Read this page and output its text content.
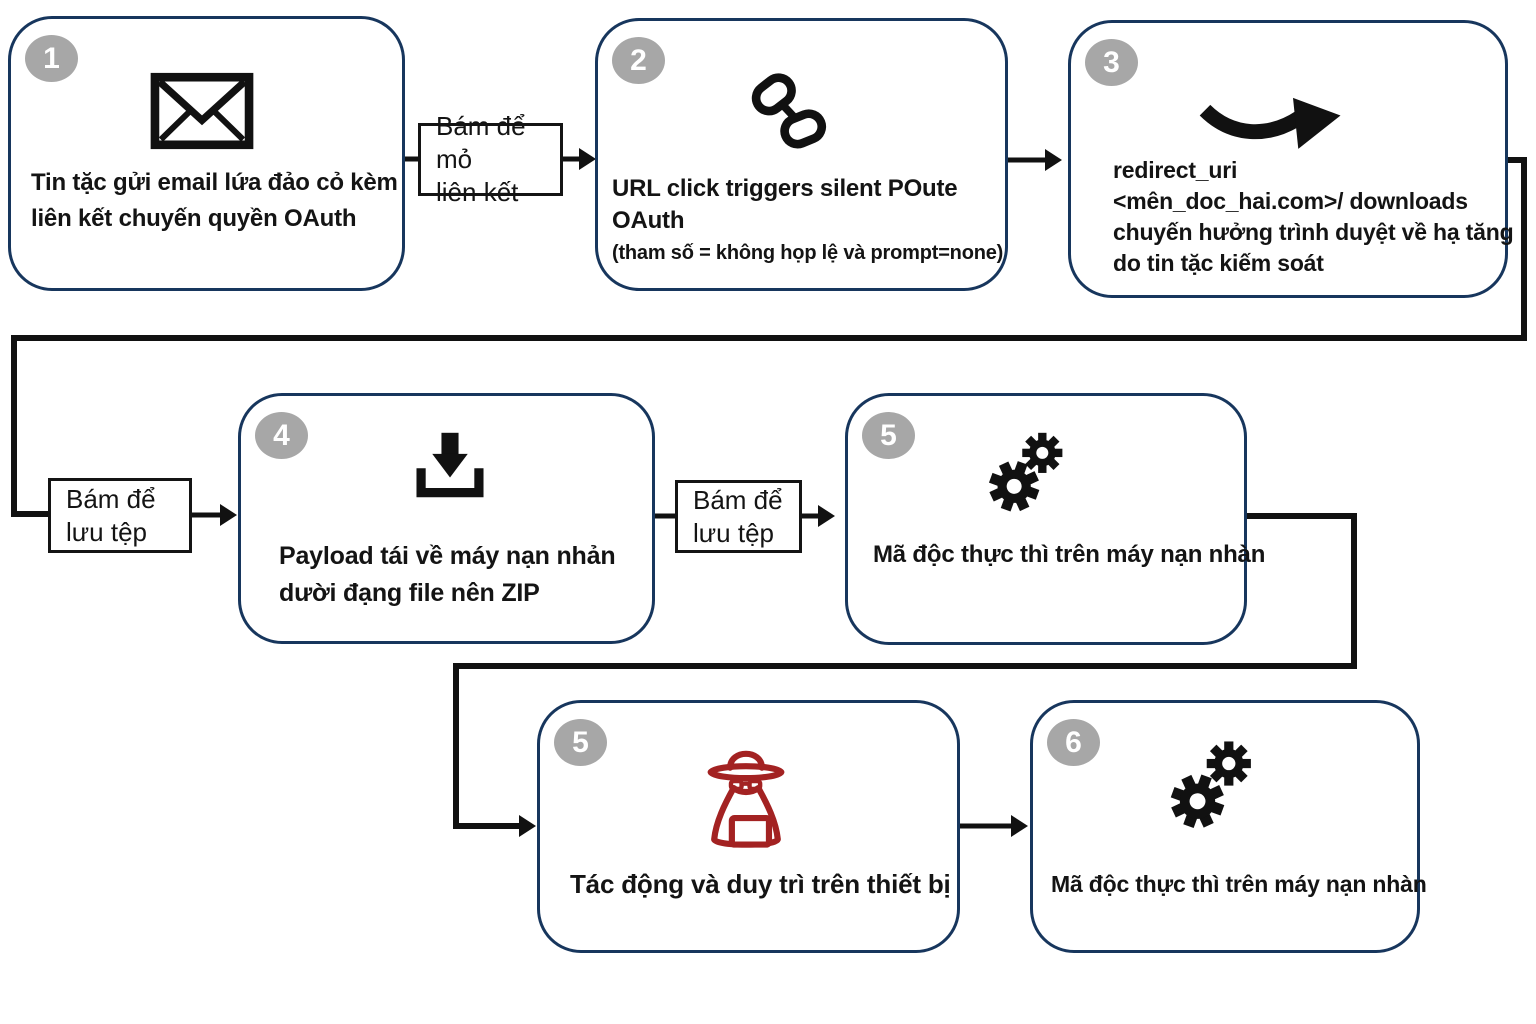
1
Tin tặc gửi email lứa đảo cỏ kèm
liên kết chuyến quyền OAuth
Bám để mỏ
liên kết
2
URL click triggers silent POute OAuth
(tham số = không họp lệ và prompt=none)
3
redirect_uri
<mên_doc_hai.com>/ downloads
chuyến hưởng trình duyệt về hạ tăng
do tin tặc kiếm soát
Bám để
lưu tệp
4
Payload tái về máy nạn nhản
dười đạng file nên ZIP
Bám để
lưu tệp
5
Mã độc thực thì trên máy nạn nhàn
5
Tác động và duy trì trên thiết bị
6
Mã độc thực thì trên máy nạn nhàn
